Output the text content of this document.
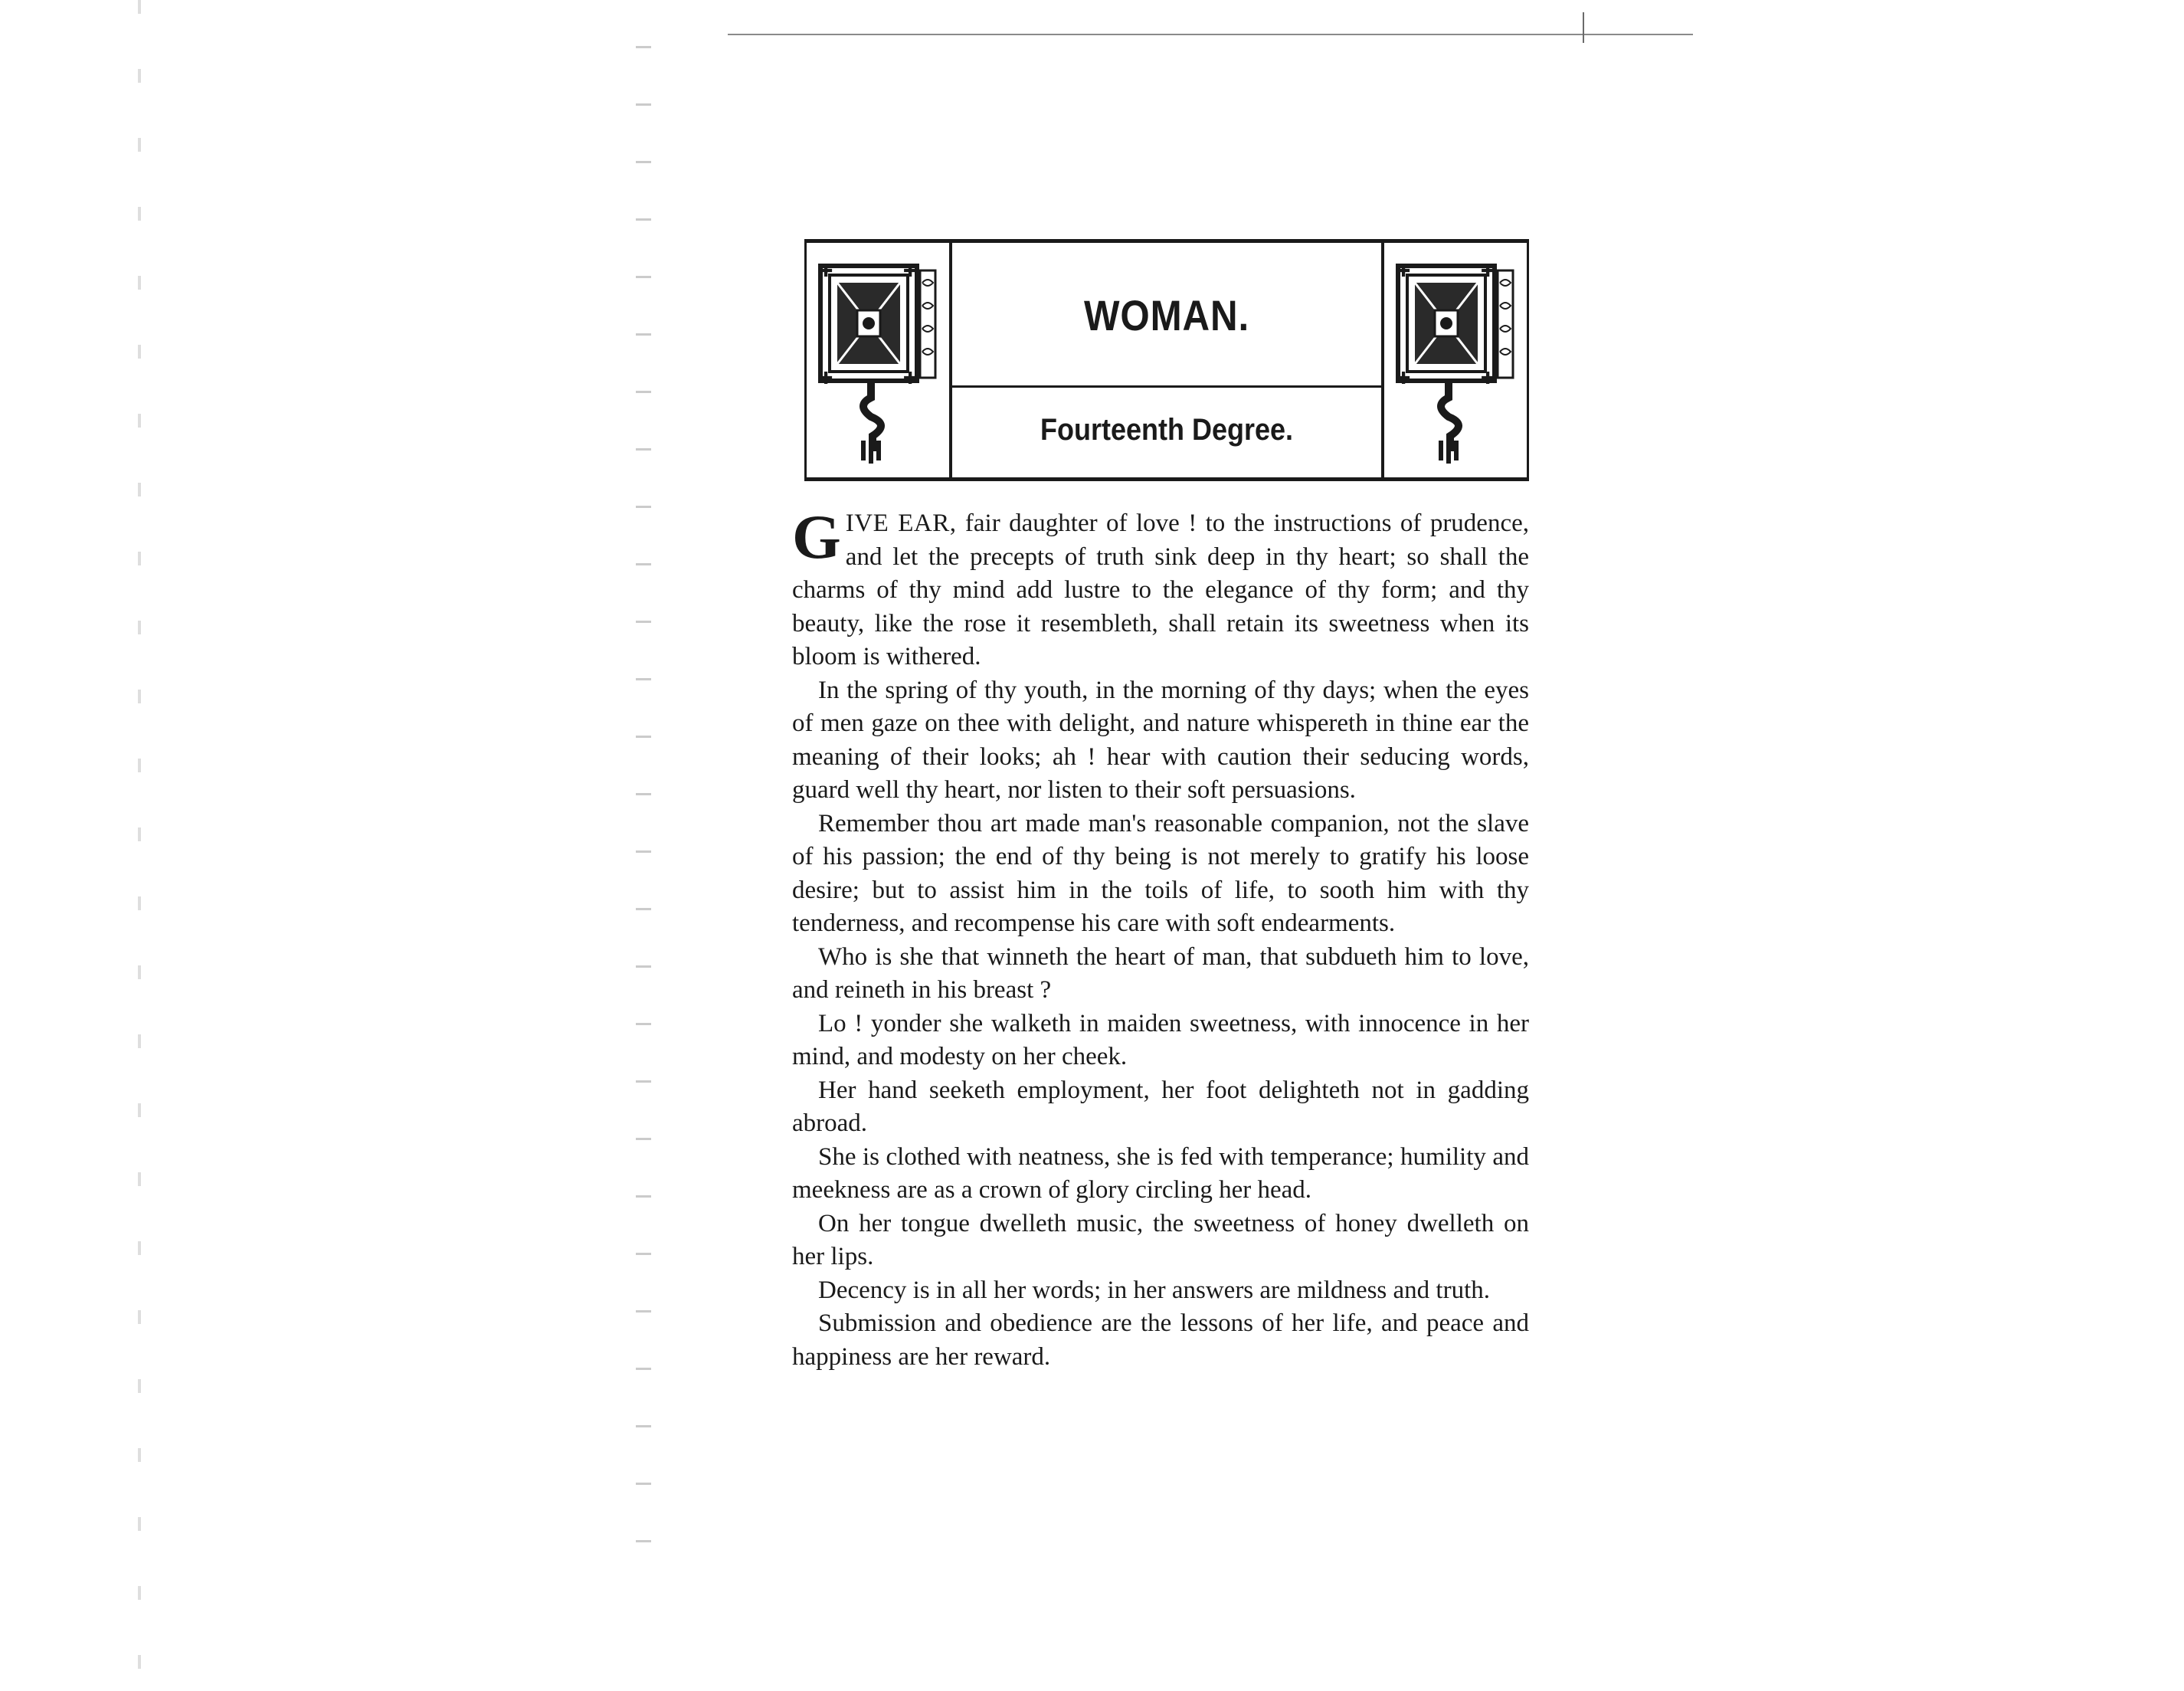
✚	✚
✚	✚
WOMAN.
Fourteenth Degree.
✚	✚
✚	✚

GIVE EAR, fair daughter of love ! to the instructions of prudence, and let the precepts of truth sink deep in thy heart; so shall the charms of thy mind add lustre to the elegance of thy form; and thy beauty, like the rose it resembleth, shall retain its sweetness when its bloom is withered.

In the spring of thy youth, in the morning of thy days; when the eyes of men gaze on thee with delight, and nature whispereth in thine ear the meaning of their looks; ah ! hear with caution their seducing words, guard well thy heart, nor listen to their soft persuasions.

Remember thou art made man's reasonable companion, not the slave of his passion; the end of thy being is not merely to gratify his loose desire; but to assist him in the toils of life, to sooth him with thy tenderness, and recompense his care with soft endearments.

Who is she that winneth the heart of man, that subdueth him to love, and reineth in his breast ?

Lo ! yonder she walketh in maiden sweetness, with innocence in her mind, and modesty on her cheek.

Her hand seeketh employment, her foot delighteth not in gadding abroad.

She is clothed with neatness, she is fed with temperance; humility and meekness are as a crown of glory circling her head.

On her tongue dwelleth music, the sweetness of honey dwelleth on her lips.

Decency is in all her words; in her answers are mildness and truth.

Submission and obedience are the lessons of her life, and peace and happiness are her reward.
